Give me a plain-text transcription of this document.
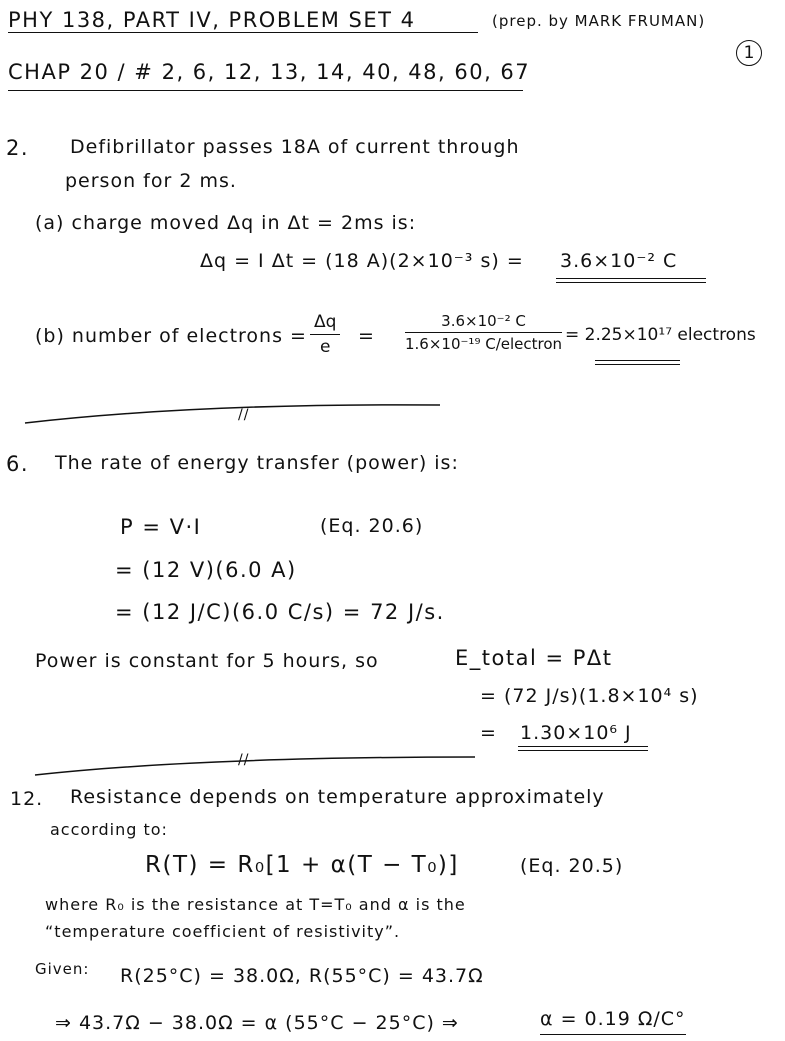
PHY 138, PART IV, PROBLEM SET 4	(prep. by MARK FRUMAN)
1
CHAP 20 / # 2, 6, 12, 13, 14, 40, 48, 60, 67
2. Defibrillator passes 18A of current through
person for 2 ms.
(a) charge moved Δq in Δt = 2ms is:
Δq = I Δt = (18 A)(2×10⁻³ s) = 3.6×10⁻² C
(b) number of electrons = $\frac{\Delta q}{e}$ =
3.6×10⁻² C
1.6×10⁻¹⁹ C/electron = 2.25×10¹⁷ electrons
//
6. The rate of energy transfer (power) is:
P = V·I	(Eq. 20.6)
= (12 V)(6.0 A)
= (12 J/C)(6.0 C/s) = 72 J/s.
Power is constant for 5 hours, so	E_total = PΔt
= (72 J/s)(1.8×10⁴ s)
= 1.30×10⁶ J
//
12. Resistance depends on temperature approximately
according to:
R(T) = R₀[1 + α(T − T₀)]	(Eq. 20.5)
where R₀ is the resistance at T=T₀ and α is the
“temperature coefficient of resistivity”.
Given: R(25°C) = 38.0Ω, R(55°C) = 43.7Ω
⇒ 43.7Ω − 38.0Ω = α (55°C − 25°C) ⇒	α = 0.19 Ω/C°
